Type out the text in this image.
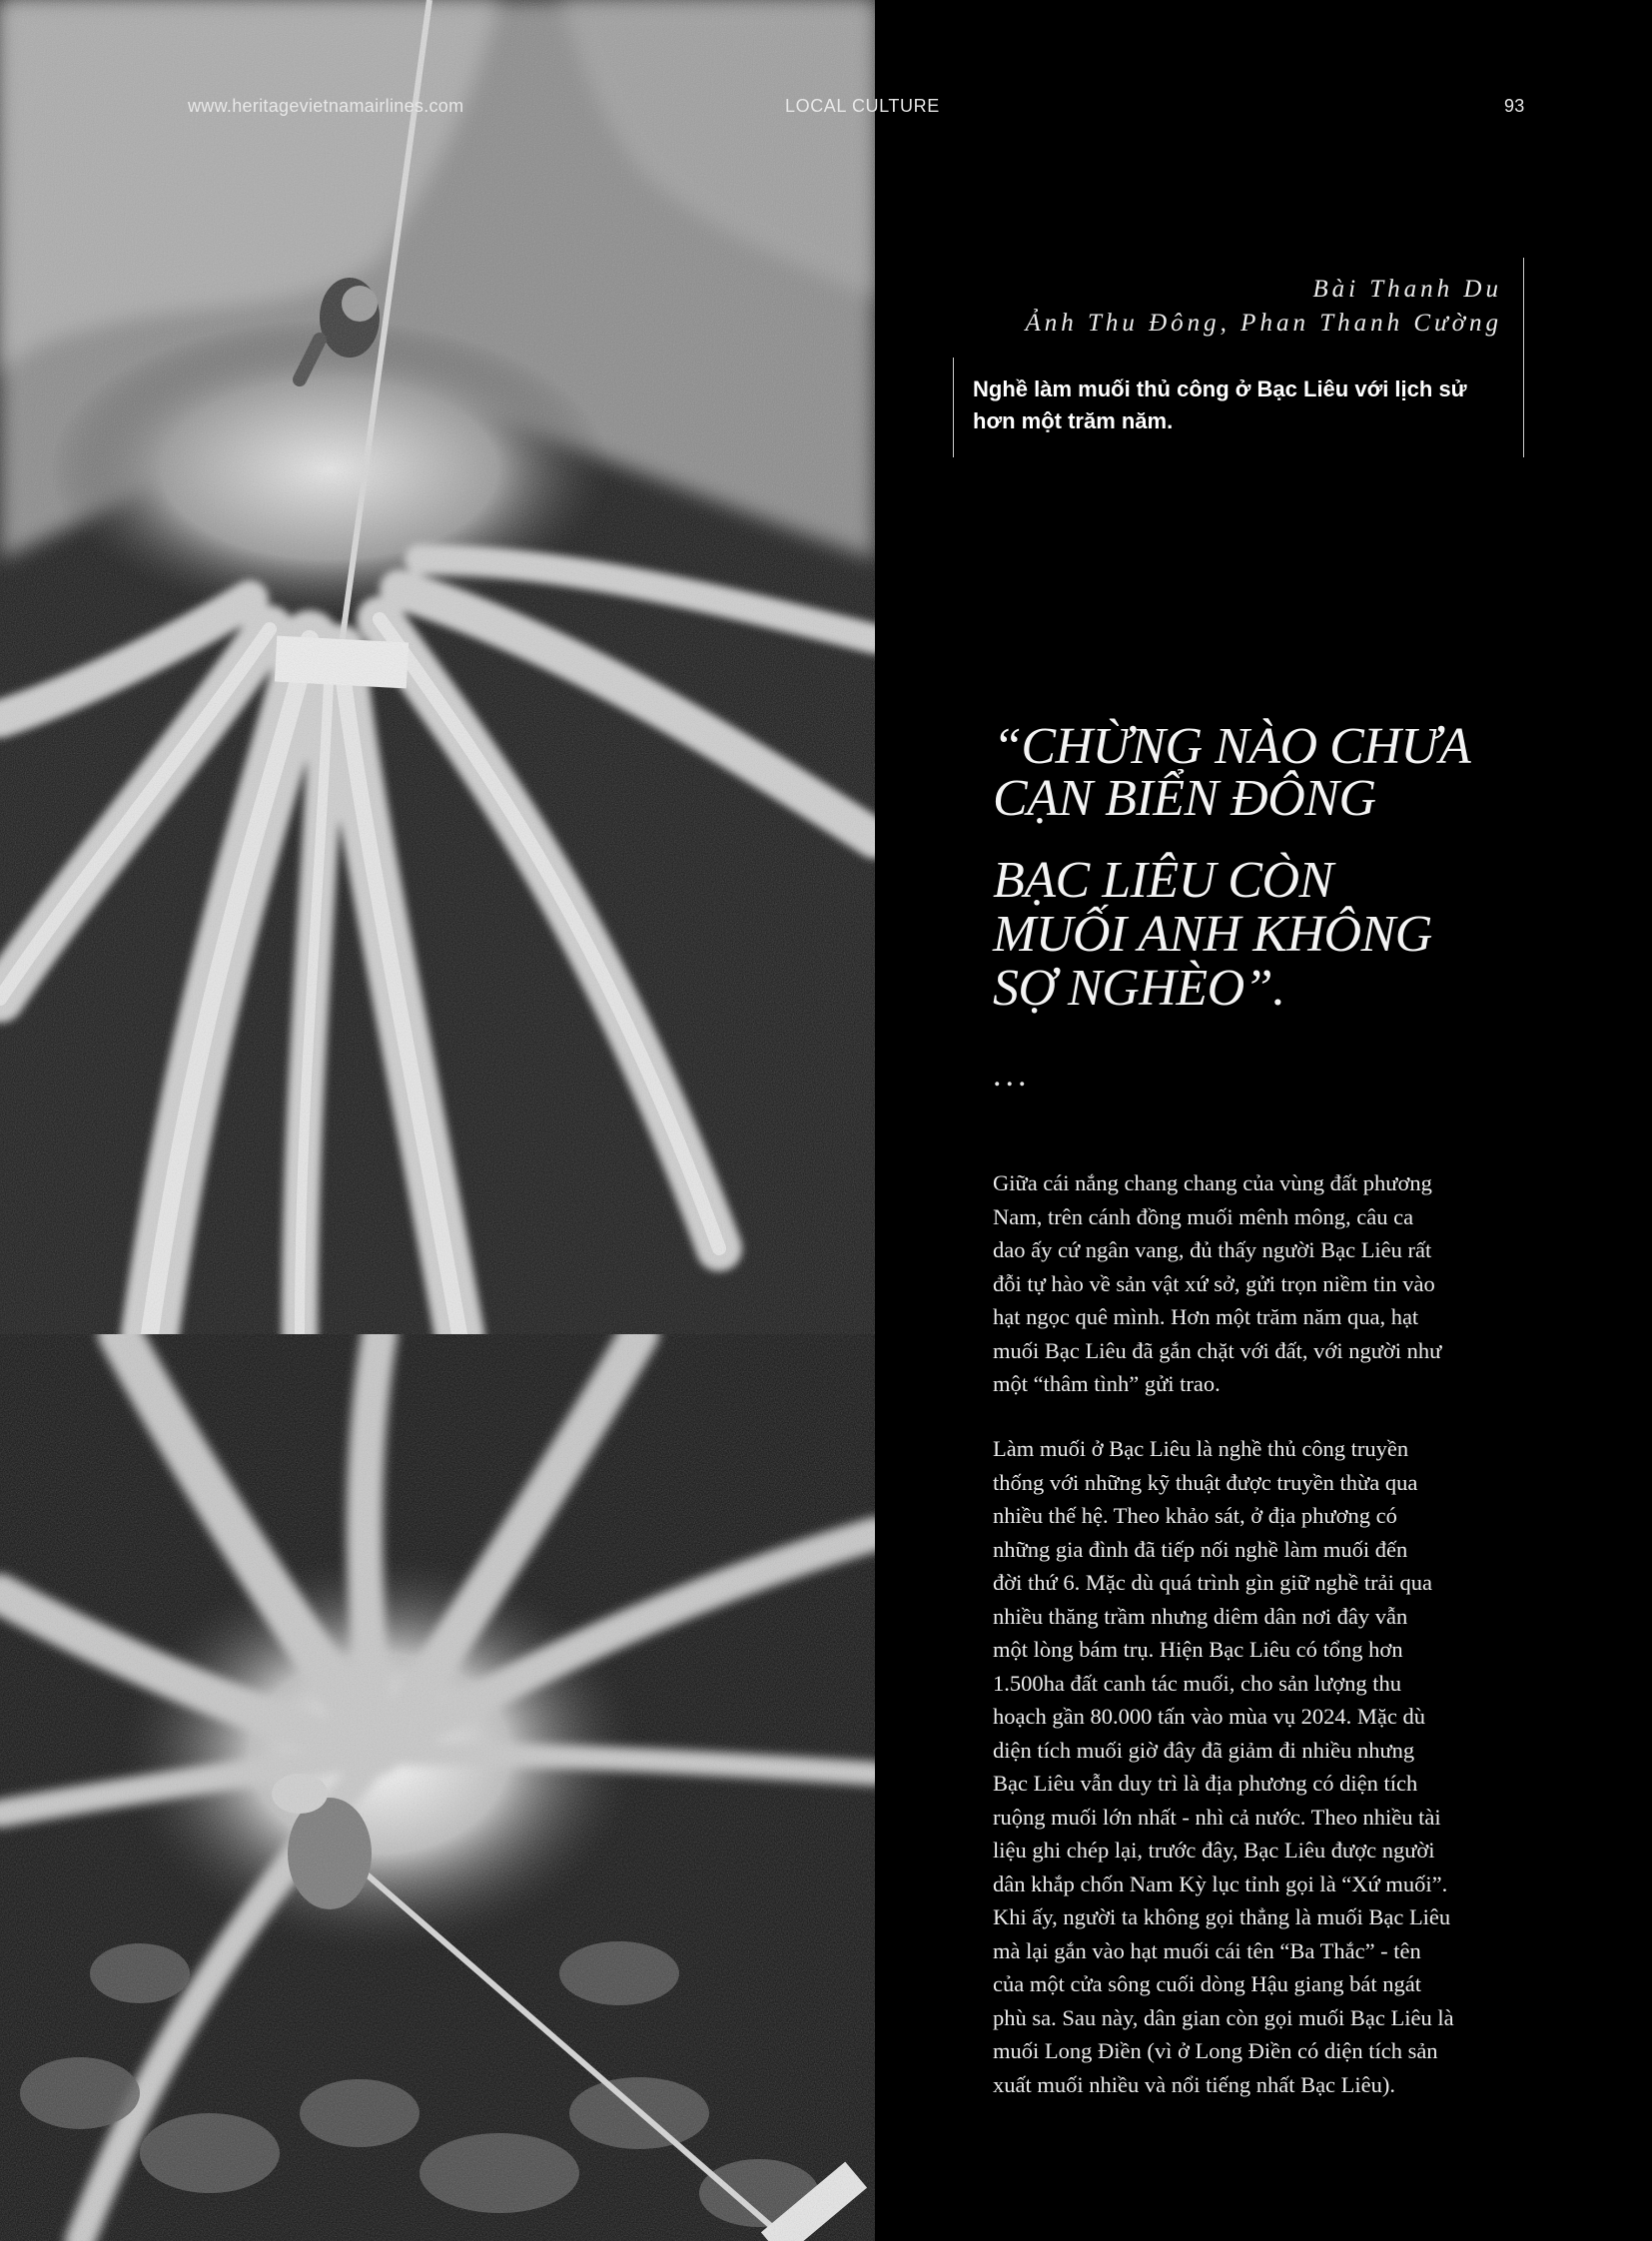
www.heritagevietnamairlines.com	LOCAL CULTURE	93
Bài Thanh Du
Ảnh Thu Đông, Phan Thanh Cường
Nghề làm muối thủ công ở Bạc Liêu với lịch sử
hơn một trăm năm.
“CHỪNG NÀO CHƯA
CẠN BIỂN ĐÔNG
BẠC LIÊU CÒN
MUỐI ANH KHÔNG
SỢ NGHÈO”.
...
Giữa cái nắng chang chang của vùng đất phương
Nam, trên cánh đồng muối mênh mông, câu ca
dao ấy cứ ngân vang, đủ thấy người Bạc Liêu rất
đỗi tự hào về sản vật xứ sở, gửi trọn niềm tin vào
hạt ngọc quê mình. Hơn một trăm năm qua, hạt
muối Bạc Liêu đã gắn chặt với đất, với người như
một “thâm tình” gửi trao.
Làm muối ở Bạc Liêu là nghề thủ công truyền
thống với những kỹ thuật được truyền thừa qua
nhiều thế hệ. Theo khảo sát, ở địa phương có
những gia đình đã tiếp nối nghề làm muối đến
đời thứ 6. Mặc dù quá trình gìn giữ nghề trải qua
nhiều thăng trầm nhưng diêm dân nơi đây vẫn
một lòng bám trụ. Hiện Bạc Liêu có tổng hơn
1.500ha đất canh tác muối, cho sản lượng thu
hoạch gần 80.000 tấn vào mùa vụ 2024. Mặc dù
diện tích muối giờ đây đã giảm đi nhiều nhưng
Bạc Liêu vẫn duy trì là địa phương có diện tích
ruộng muối lớn nhất - nhì cả nước. Theo nhiều tài
liệu ghi chép lại, trước đây, Bạc Liêu được người
dân khắp chốn Nam Kỳ lục tỉnh gọi là “Xứ muối”.
Khi ấy, người ta không gọi thẳng là muối Bạc Liêu
mà lại gắn vào hạt muối cái tên “Ba Thắc” - tên
của một cửa sông cuối dòng Hậu giang bát ngát
phù sa. Sau này, dân gian còn gọi muối Bạc Liêu là
muối Long Điền (vì ở Long Điền có diện tích sản
xuất muối nhiều và nổi tiếng nhất Bạc Liêu).
